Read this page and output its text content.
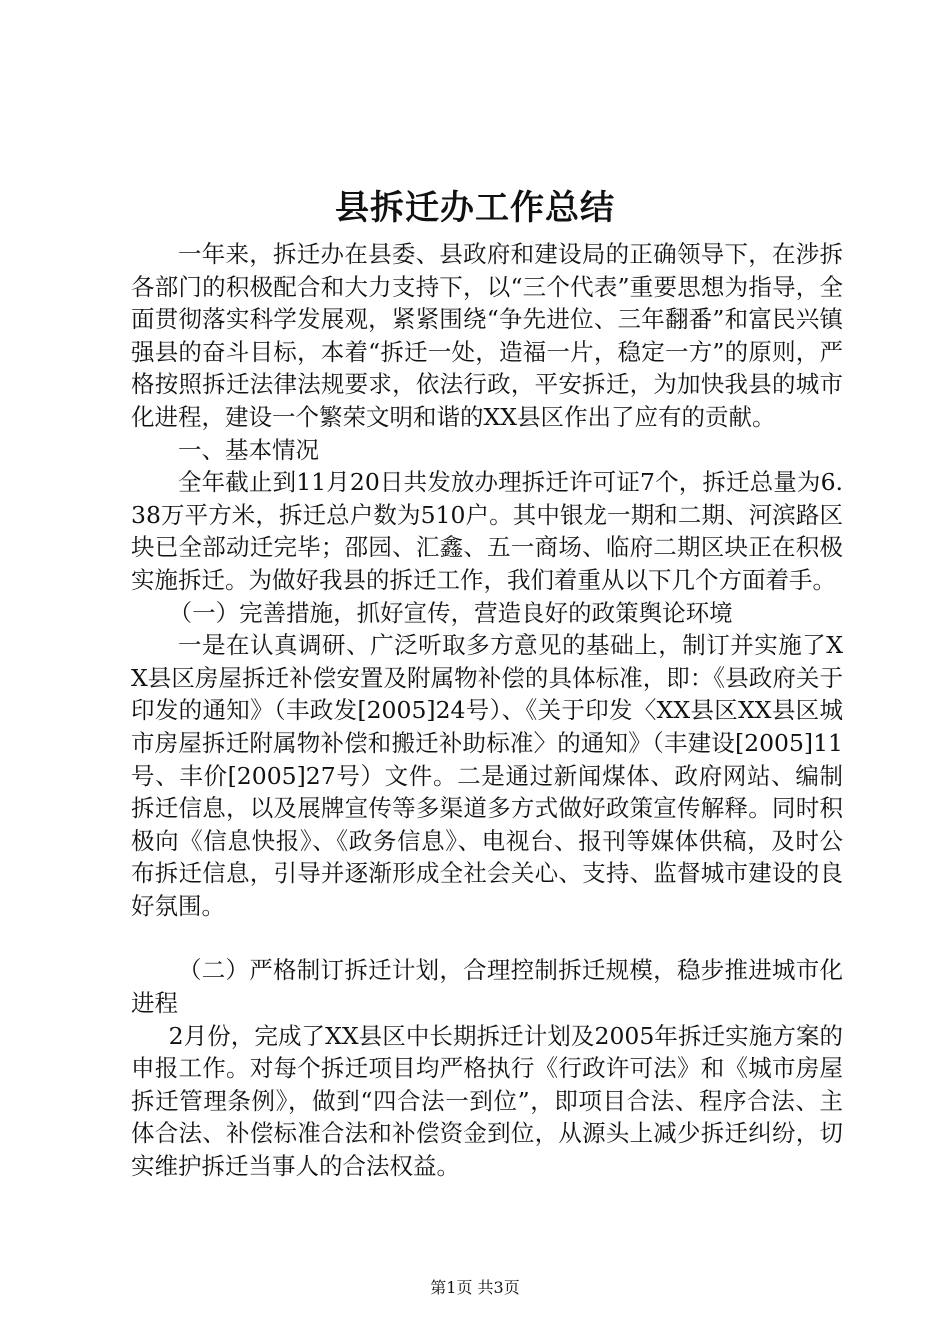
县拆迁办工作总结

一年来，拆迁办在县委、县政府和建设局的正确领导下，在涉拆各部门的积极配合和大力支持下，以“三个代表”重要思想为指导，全面贯彻落实科学发展观，紧紧围绕“争先进位、三年翻番”和富民兴镇强县的奋斗目标，本着“拆迁一处，造福一片，稳定一方”的原则，严格按照拆迁法律法规要求，依法行政，平安拆迁，为加快我县的城市化进程，建设一个繁荣文明和谐的XX县区作出了应有的贡献。

一、基本情况

全年截止到11月20日共发放办理拆迁许可证7个，拆迁总量为6.38万平方米，拆迁总户数为510户。其中银龙一期和二期、河滨路区块已全部动迁完毕；邵园、汇鑫、五一商场、临府二期区块正在积极实施拆迁。为做好我县的拆迁工作，我们着重从以下几个方面着手。

（一）完善措施，抓好宣传，营造良好的政策舆论环境

一是在认真调研、广泛听取多方意见的基础上，制订并实施了XX县区房屋拆迁补偿安置及附属物补偿的具体标准，即：《县政府关于印发的通知》（丰政发[2005]24号）、《关于印发〈XX县区XX县区城市房屋拆迁附属物补偿和搬迁补助标准〉的通知》（丰建设[2005]11号、丰价[2005]27号）文件。二是通过新闻煤体、政府网站、编制拆迁信息，以及展牌宣传等多渠道多方式做好政策宣传解释。同时积极向《信息快报》、《政务信息》、电视台、报刊等媒体供稿，及时公布拆迁信息，引导并逐渐形成全社会关心、支持、监督城市建设的良好氛围。

（二）严格制订拆迁计划，合理控制拆迁规模，稳步推进城市化进程

2月份，完成了XX县区中长期拆迁计划及2005年拆迁实施方案的申报工作。对每个拆迁项目均严格执行《行政许可法》和《城市房屋拆迁管理条例》，做到“四合法一到位”，即项目合法、程序合法、主体合法、补偿标准合法和补偿资金到位，从源头上减少拆迁纠纷，切实维护拆迁当事人的合法权益。

第1页 共3页
